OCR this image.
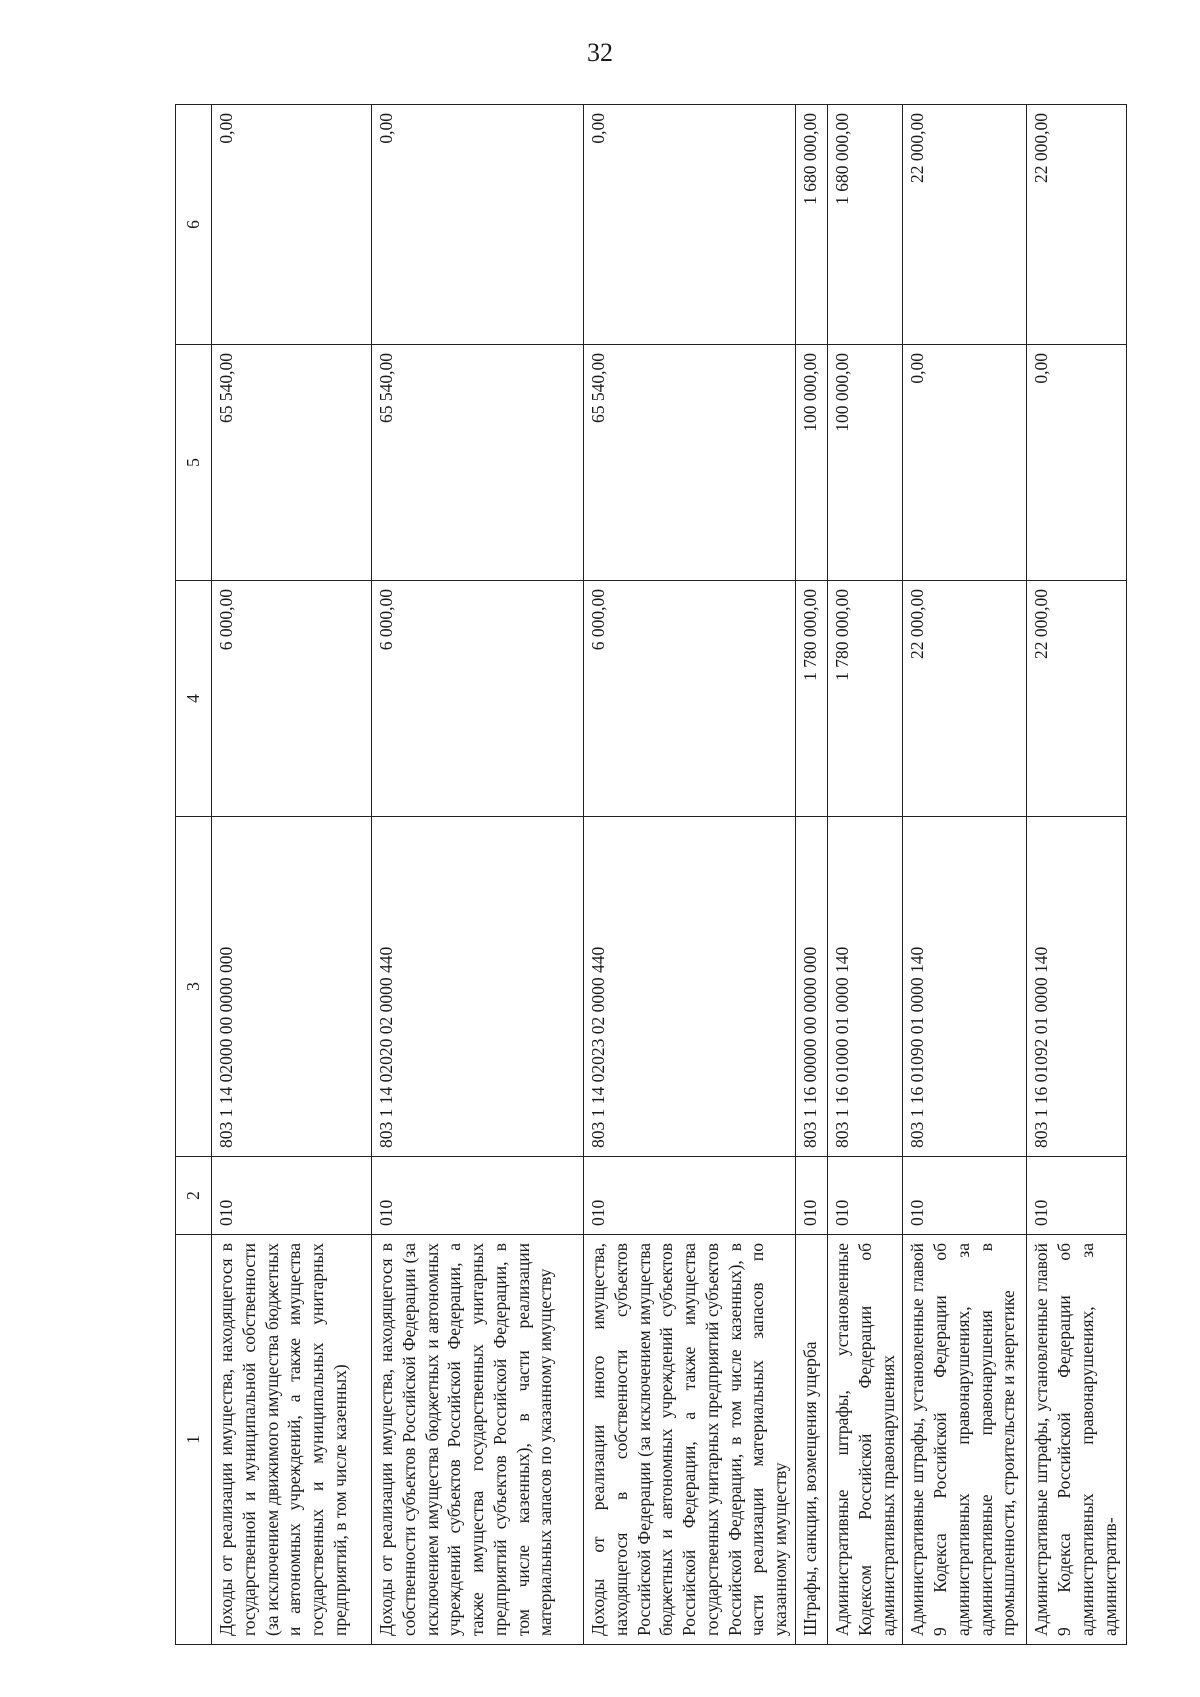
32
1	2	3	4	5	6
Доходы от реализации имущества, находящегося в государственной и муниципальной собственности (за исключением движимого имущества бюджетных и автономных учреждений, а также имущества государственных и муниципальных унитарных предприятий, в том числе казенных)	010	803 1 14 02000 00 0000 000	6 000,00	65 540,00	0,00
Доходы от реализации имущества, находящегося в собственности субъектов Российской Федерации (за исключением имущества бюджетных и автономных учреждений субъектов Российской Федерации, а также имущества государственных унитарных предприятий субъектов Российской Федерации, в том числе казенных), в части реализации материальных запасов по указанному имуществу	010	803 1 14 02020 02 0000 440	6 000,00	65 540,00	0,00
Доходы от реализации иного имущества, находящегося в собственности субъектов Российской Федерации (за исключением имущества бюджетных и автономных учреждений субъектов Российской Федерации, а также имущества государственных унитарных предприятий субъектов Российской Федерации, в том числе казенных), в части реализации материальных запасов по указанному имуществу	010	803 1 14 02023 02 0000 440	6 000,00	65 540,00	0,00
Штрафы, санкции, возмещения ущерба	010	803 1 16 00000 00 0000 000	1 780 000,00	100 000,00	1 680 000,00
Административные штрафы, установленные Кодексом Российской Федерации об административных правонарушениях	010	803 1 16 01000 01 0000 140	1 780 000,00	100 000,00	1 680 000,00
Административные штрафы, установленные главой 9 Кодекса Российской Федерации об административных правонарушениях, за административные правонарушения в промышленности, строительстве и энергетике	010	803 1 16 01090 01 0000 140	22 000,00	0,00	22 000,00
Административные штрафы, установленные главой 9 Кодекса Российской Федерации об административных правонарушениях, за административ-	010	803 1 16 01092 01 0000 140	22 000,00	0,00	22 000,00
